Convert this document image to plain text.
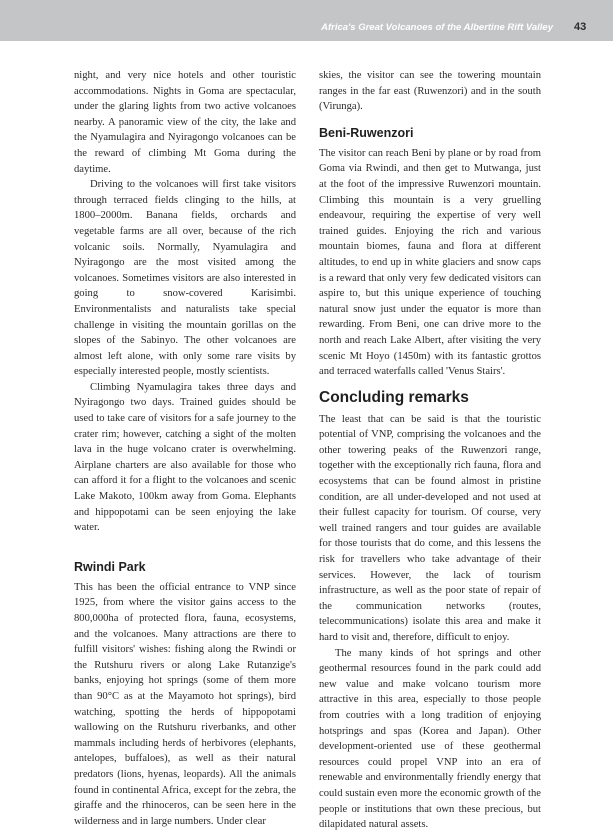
Africa's Great Volcanoes of the Albertine Rift Valley 43

night, and very nice hotels and other touristic accommodations. Nights in Goma are spectacular, under the glaring lights from two active volcanoes nearby. A panoramic view of the city, the lake and the Nyamulagira and Nyiragongo volcanoes can be the reward of climbing Mt Goma during the daytime.

Driving to the volcanoes will first take visitors through terraced fields clinging to the hills, at 1800–2000m. Banana fields, orchards and vegetable farms are all over, because of the rich volcanic soils. Normally, Nyamulagira and Nyiragongo are the most visited among the volcanoes. Sometimes visitors are also interested in going to snow-covered Karisimbi. Environmentalists and naturalists take special challenge in visiting the mountain gorillas on the slopes of the Sabinyo. The other volcanoes are almost left alone, with only some rare visits by especially interested people, mostly scientists.

Climbing Nyamulagira takes three days and Nyiragongo two days. Trained guides should be used to take care of visitors for a safe journey to the crater rim; however, catching a sight of the molten lava in the huge volcano crater is overwhelming. Airplane charters are also available for those who can afford it for a flight to the volcanoes and scenic Lake Makoto, 100km away from Goma. Elephants and hippopotami can be seen enjoying the lake water.

Rwindi Park

This has been the official entrance to VNP since 1925, from where the visitor gains access to the 800,000ha of protected flora, fauna, ecosystems, and the volcanoes. Many attractions are there to fulfill visitors' wishes: fishing along the Rwindi or the Rutshuru rivers or along Lake Rutanzige's banks, enjoying hot springs (some of them more than 90°C as at the Mayamoto hot springs), bird watching, spotting the herds of hippopotami wallowing on the Rutshuru riverbanks, and other mammals including herds of herbivores (elephants, antelopes, buffaloes), as well as their natural predators (lions, hyenas, leopards). All the animals found in continental Africa, except for the zebra, the giraffe and the rhinoceros, can be seen here in the wilderness and in large numbers. Under clear

skies, the visitor can see the towering mountain ranges in the far east (Ruwenzori) and in the south (Virunga).

Beni-Ruwenzori

The visitor can reach Beni by plane or by road from Goma via Rwindi, and then get to Mutwanga, just at the foot of the impressive Ruwenzori mountain. Climbing this mountain is a very gruelling endeavour, requiring the expertise of very well trained guides. Enjoying the rich and various mountain biomes, fauna and flora at different altitudes, to end up in white glaciers and snow caps is a reward that only very few dedicated visitors can aspire to, but this unique experience of touching natural snow just under the equator is more than rewarding. From Beni, one can drive more to the north and reach Lake Albert, after visiting the very scenic Mt Hoyo (1450m) with its fantastic grottos and terraced waterfalls called 'Venus Stairs'.

Concluding remarks

The least that can be said is that the touristic potential of VNP, comprising the volcanoes and the other towering peaks of the Ruwenzori range, together with the exceptionally rich fauna, flora and ecosystems that can be found almost in pristine condition, are all under-developed and not used at their fullest capacity for tourism. Of course, very well trained rangers and tour guides are available for those tourists that do come, and this lessens the risk for travellers who take advantage of their services. However, the lack of tourism infrastructure, as well as the poor state of repair of the communication networks (routes, telecommunications) isolate this area and make it hard to visit and, therefore, difficult to enjoy.

The many kinds of hot springs and other geothermal resources found in the park could add new value and make volcano tourism more attractive in this area, especially to those people from coutries with a long tradition of enjoying hotsprings and spas (Korea and Japan). Other development-oriented use of these geothermal resources could propel VNP into an era of renewable and environmentally friendly energy that could sustain even more the economic growth of the people or institutions that own these precious, but dilapidated natural assets.
